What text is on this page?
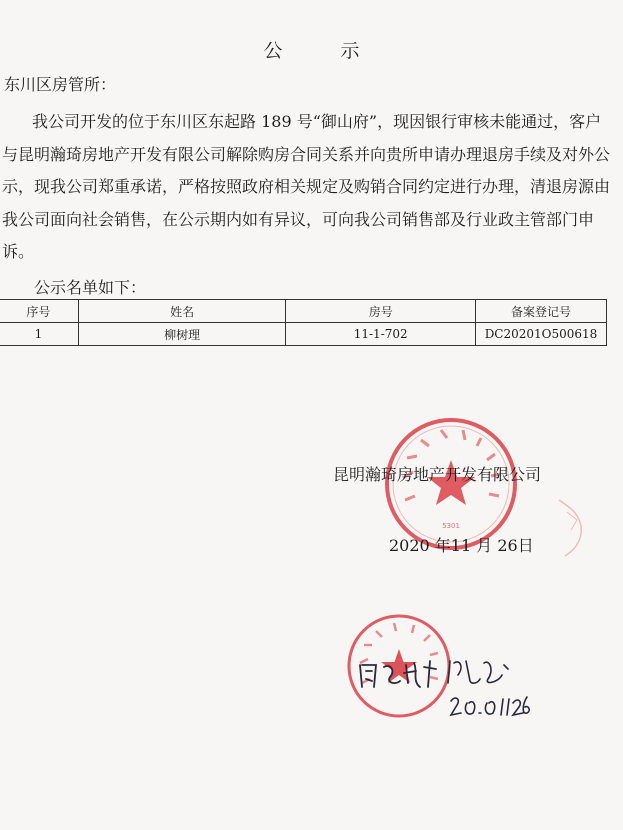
公 示
东川区房管所：

我公司开发的位于东川区东起路 189 号“御山府”，现因银行审核未能通过，客户与昆明瀚琦房地产开发有限公司解除购房合同关系并向贵所申请办理退房手续及对外公示，现我公司郑重承诺，严格按照政府相关规定及购销合同约定进行办理，清退房源由我公司面向社会销售，在公示期内如有异议，可向我公司销售部及行业政主管部门申诉。

公示名单如下：
序号	姓名	房号	备案登记号
1	柳树理	11-1-702	DC20201O500618
5301
昆明瀚琦房地产开发有限公司
2020 年11 月 26日
